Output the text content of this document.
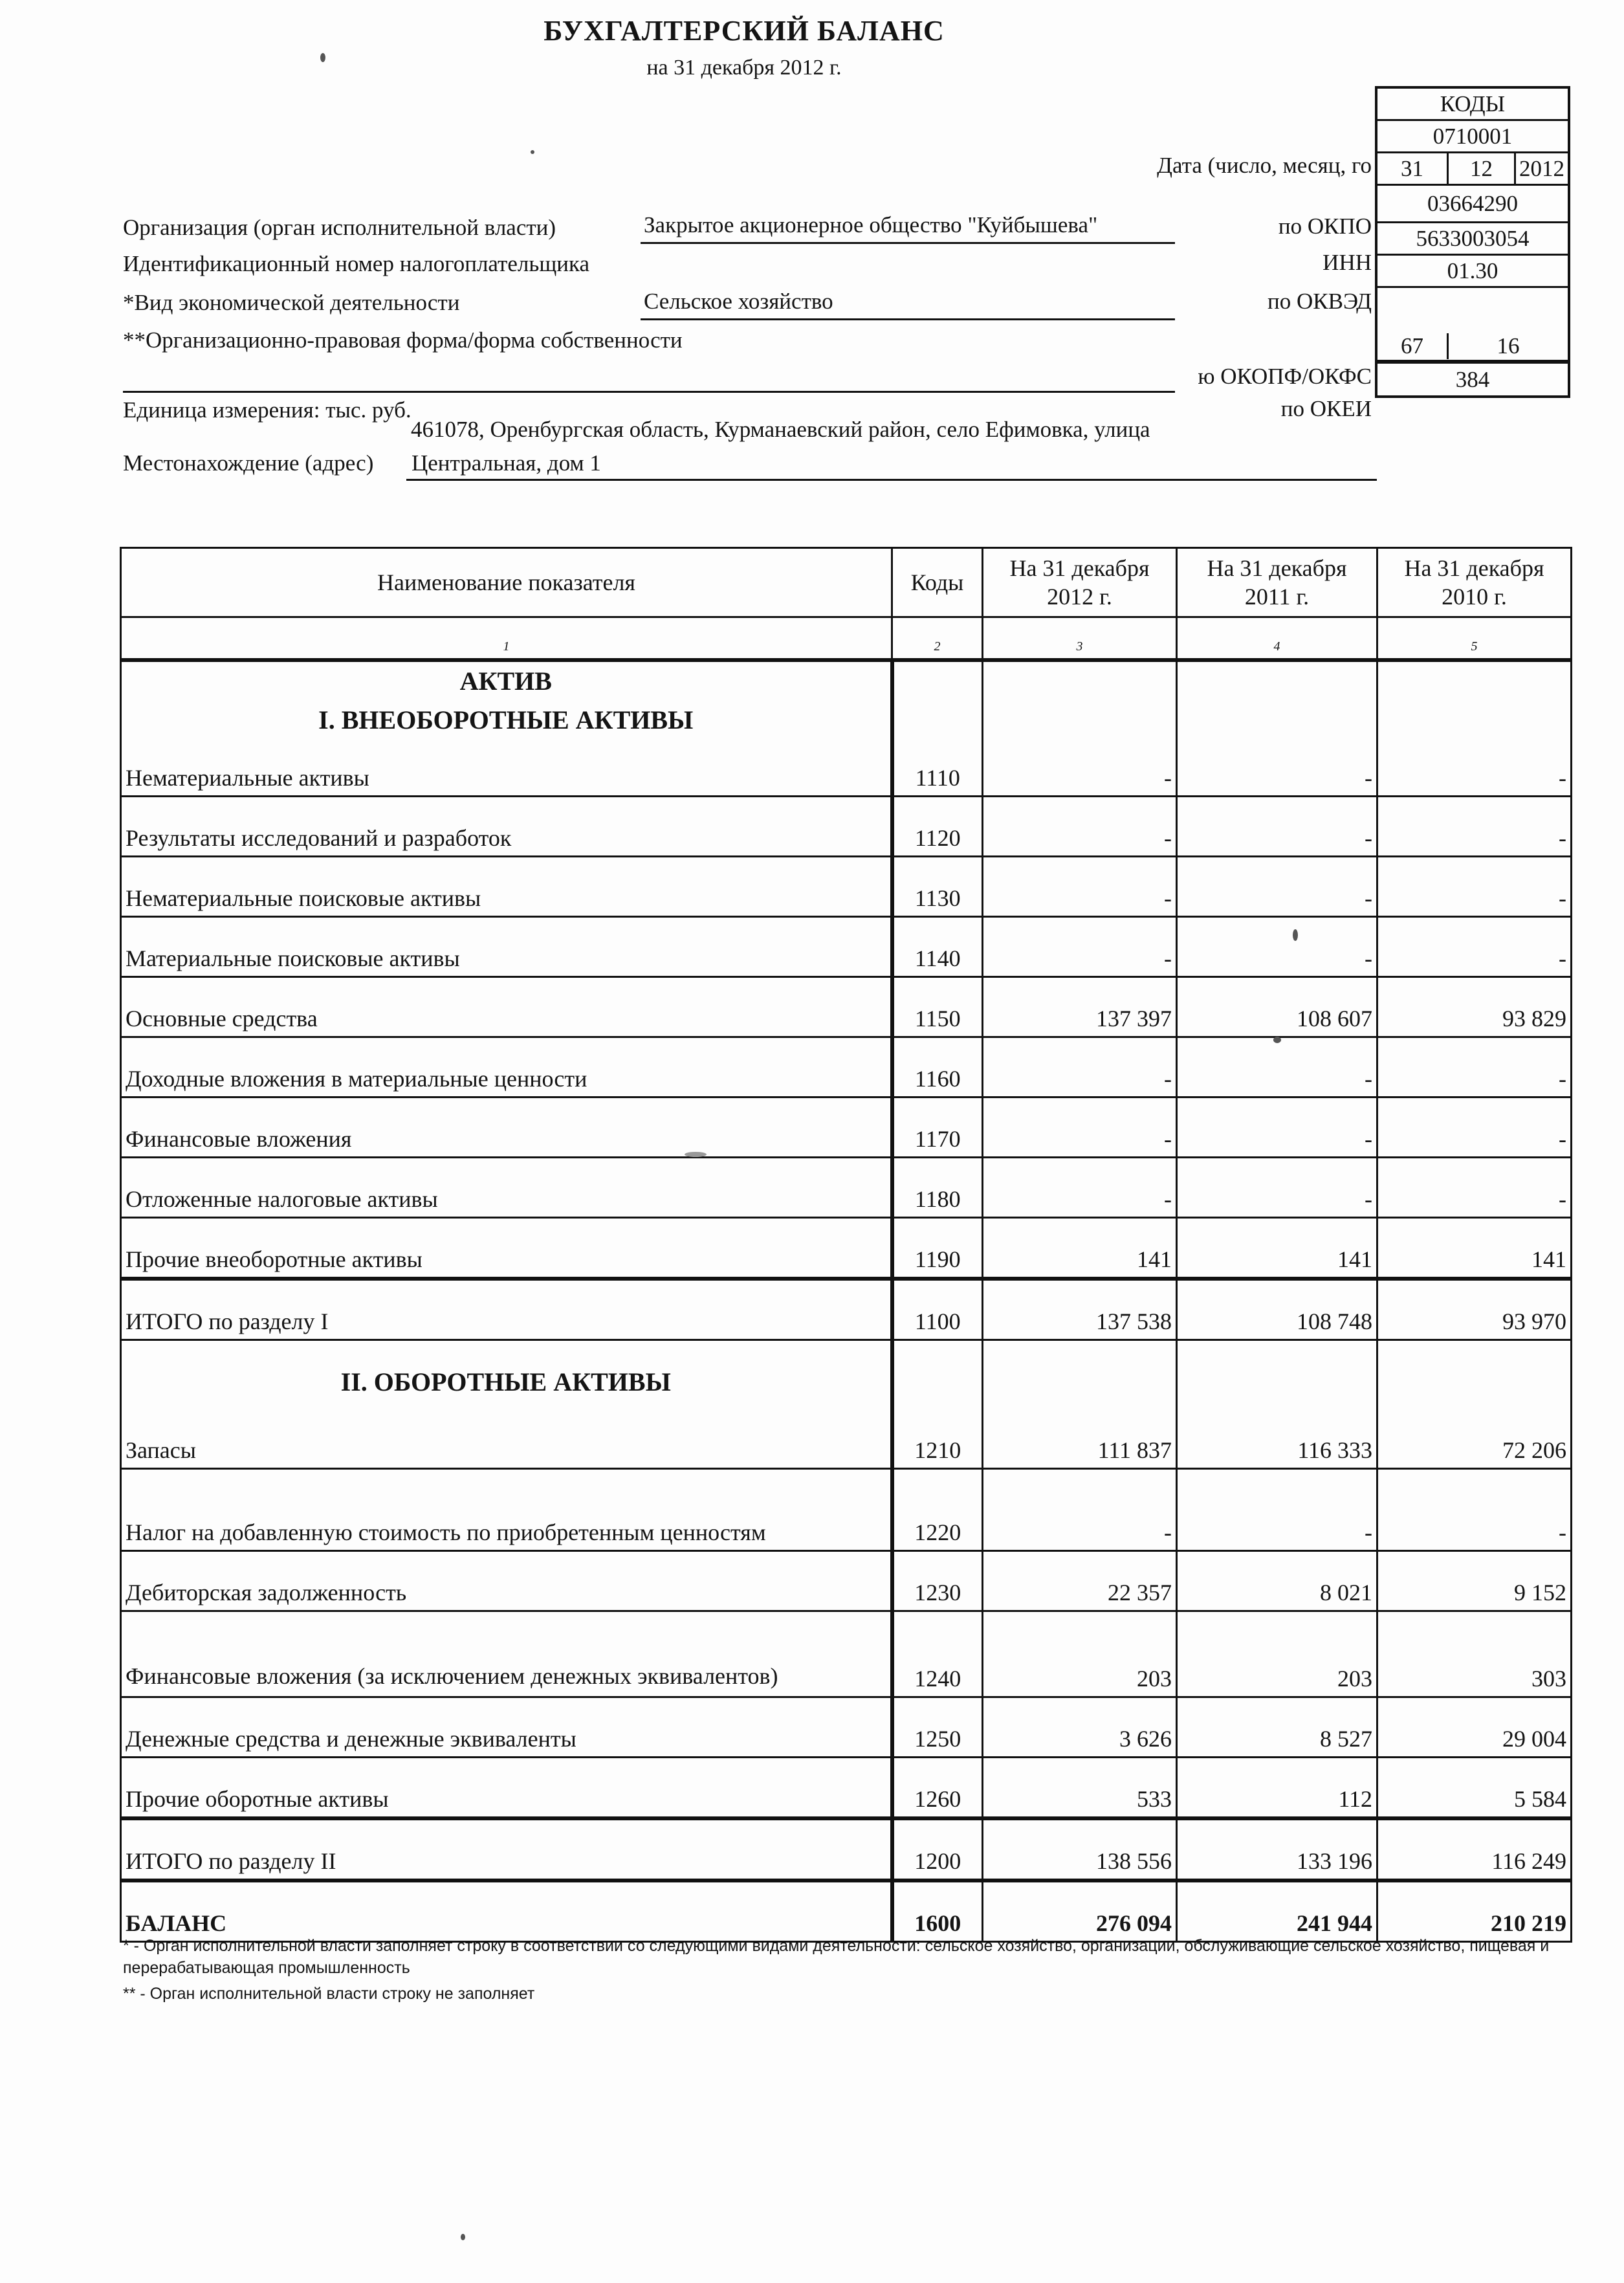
БУХГАЛТЕРСКИЙ БАЛАНС
на 31 декабря 2012 г.
КОДЫ
0710001
31	12	2012
03664290
5633003054
01.30
67	16
384
Дата (число, месяц, го
по ОКПО
ИНН
по ОКВЭД
ю ОКОПФ/ОКФС
по ОКЕИ
Организация (орган исполнительной власти)	Закрытое акционерное общество "Куйбышева"
Идентификационный номер налогоплательщика
*Вид экономической деятельности	Сельское хозяйство
**Организационно-правовая форма/форма собственности
Единица измерения: тыс. руб.
461078, Оренбургская область, Курманаевский район, село Ефимовка, улица
Местонахождение (адрес) Центральная, дом 1
Наименование показателя	Коды	На 31 декабря 2012 г.	На 31 декабря 2011 г.	На 31 декабря 2010 г.
1	2	3	4	5

АКТИВ
I. ВНЕОБОРОТНЫЕ АКТИВЫ
Нематериальные активы	1110	-	-	-
Результаты исследований и разработок	1120	-	-	-
Нематериальные поисковые активы	1130	-	-	-
Материальные поисковые активы	1140	-	-	-
Основные средства	1150	137 397	108 607	93 829
Доходные вложения в материальные ценности	1160	-	-	-
Финансовые вложения	1170	-	-	-
Отложенные налоговые активы	1180	-	-	-
Прочие внеоборотные активы	1190	141	141	141
ИТОГО по разделу I	1100	137 538	108 748	93 970

II. ОБОРОТНЫЕ АКТИВЫ
Запасы	1210	111 837	116 333	72 206
Налог на добавленную стоимость по приобретенным ценностям	1220	-	-	-
Дебиторская задолженность	1230	22 357	8 021	9 152
Финансовые вложения (за исключением денежных эквивалентов)	1240	203	203	303
Денежные средства и денежные эквиваленты	1250	3 626	8 527	29 004
Прочие оборотные активы	1260	533	112	5 584
ИТОГО по разделу II	1200	138 556	133 196	116 249
БАЛАНС	1600	276 094	241 944	210 219
* - Орган исполнительной власти заполняет строку в соответствии со следующими видами деятельности: сельское хозяйство, организации, обслуживающие сельское хозяйство, пищевая и перерабатывающая промышленность
** - Орган исполнительной власти строку не заполняет
